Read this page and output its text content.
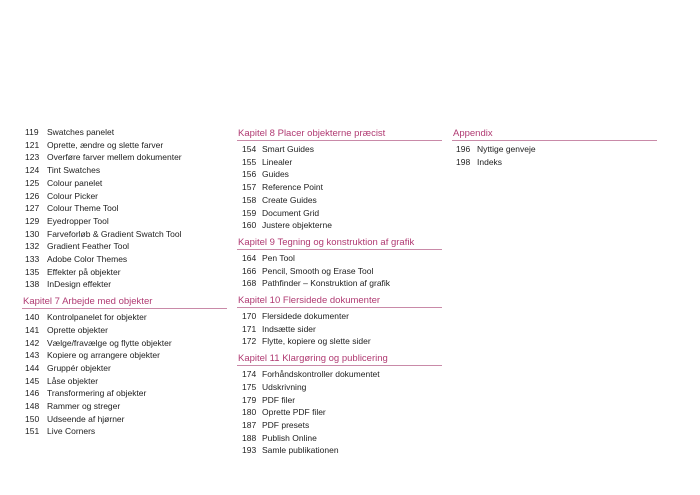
119 Swatches panelet
121 Oprette, ændre og slette farver
123 Overføre farver mellem dokumenter
124 Tint Swatches
125 Colour panelet
126 Colour Picker
127 Colour Theme Tool
129 Eyedropper Tool
130 Farveforløb & Gradient Swatch Tool
132 Gradient Feather Tool
133 Adobe Color Themes
135 Effekter på objekter
138 InDesign effekter
Kapitel 7 Arbejde med objekter
140 Kontrolpanelet for objekter
141 Oprette objekter
142 Vælge/fravælge og flytte objekter
143 Kopiere og arrangere objekter
144 Gruppér objekter
145 Låse objekter
146 Transformering af objekter
148 Rammer og streger
150 Udseende af hjørner
151 Live Corners
Kapitel 8 Placer objekterne præcist
154 Smart Guides
155 Linealer
156 Guides
157 Reference Point
158 Create Guides
159 Document Grid
160 Justere objekterne
Kapitel 9 Tegning og konstruktion af grafik
164 Pen Tool
166 Pencil, Smooth og Erase Tool
168 Pathfinder – Konstruktion af grafik
Kapitel 10 Flersidede dokumenter
170 Flersidede dokumenter
171 Indsætte sider
172 Flytte, kopiere og slette sider
Kapitel 11 Klargøring og publicering
174 Forhåndskontroller dokumentet
175 Udskrivning
179 PDF filer
180 Oprette PDF filer
187 PDF presets
188 Publish Online
193 Samle publikationen
Appendix
196 Nyttige genveje
198 Indeks
